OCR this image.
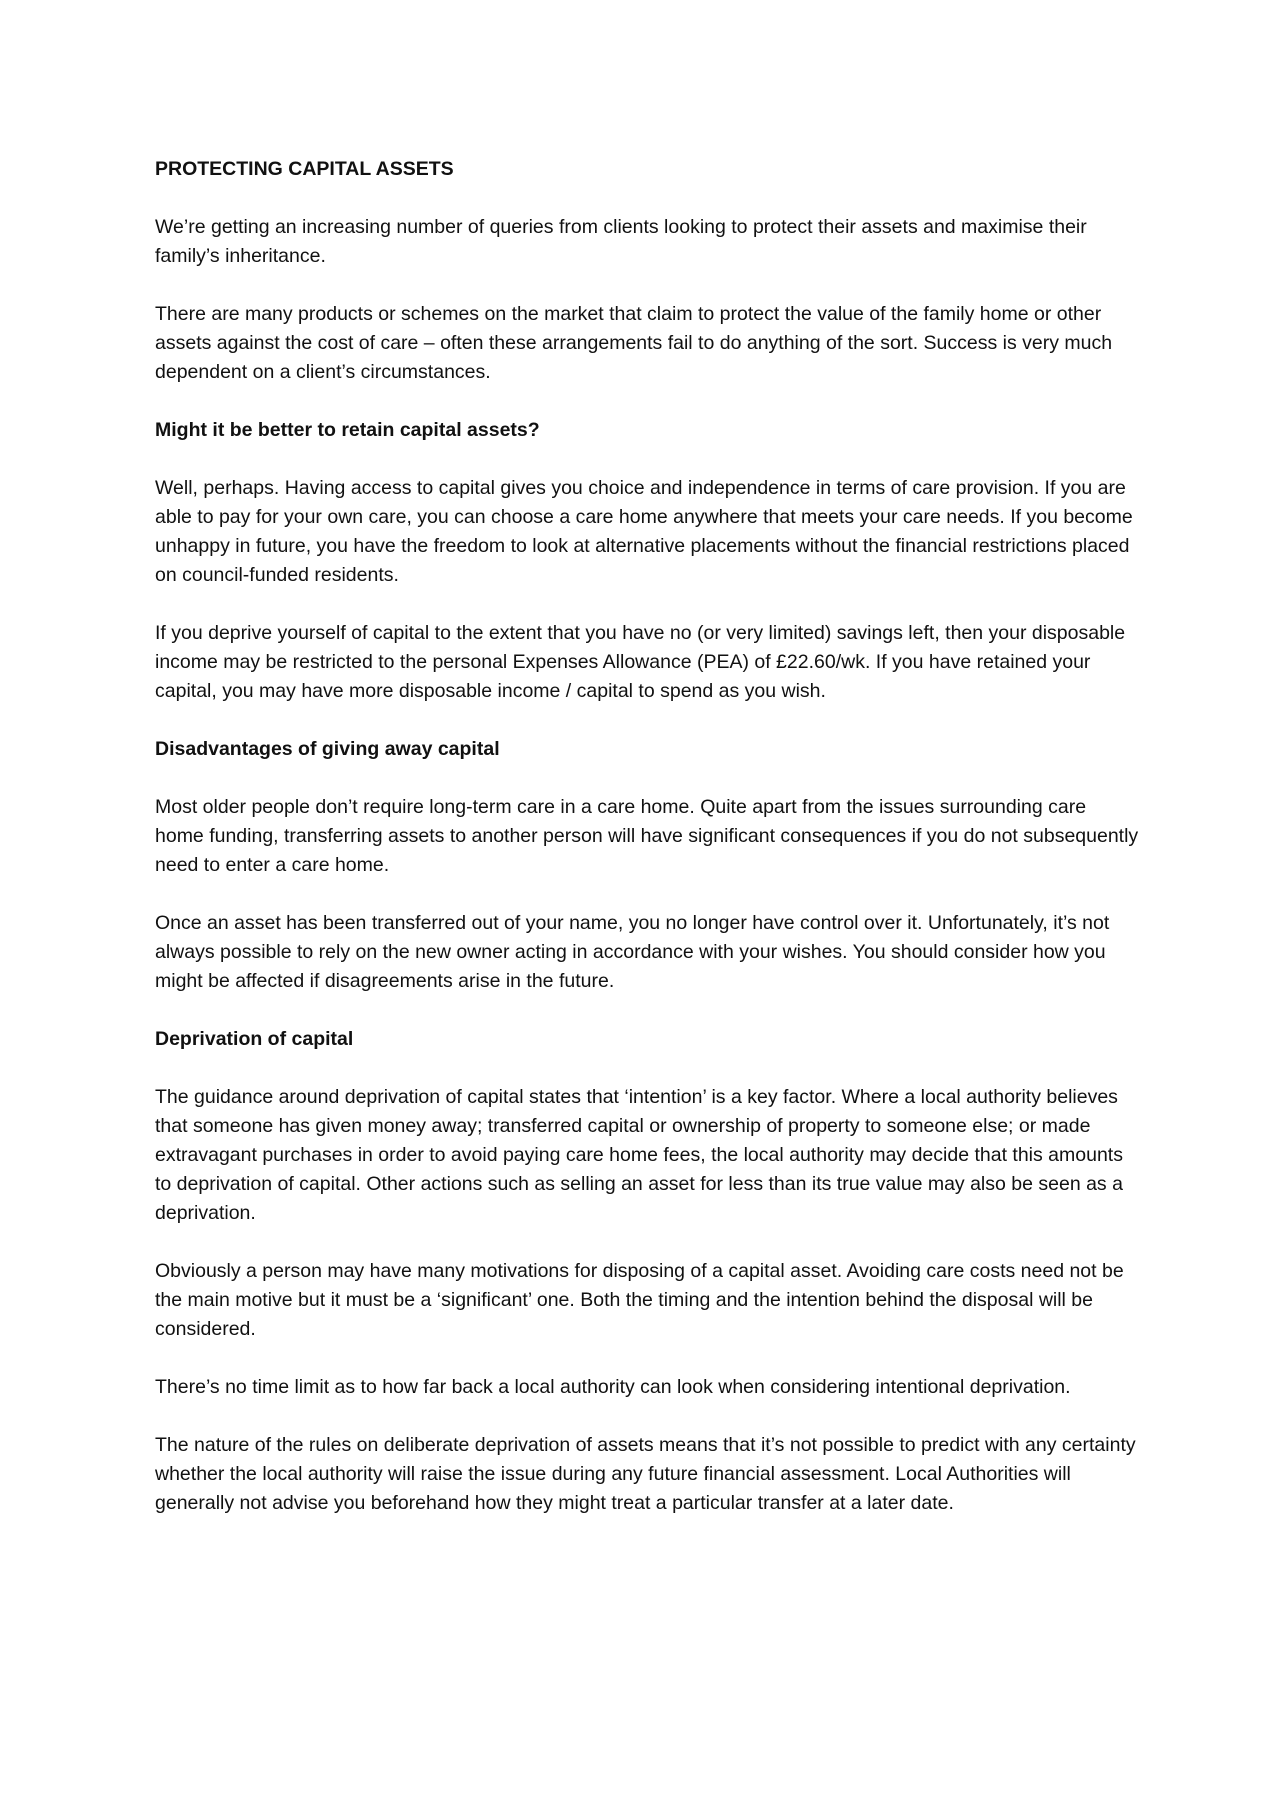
PROTECTING CAPITAL ASSETS

We’re getting an increasing number of queries from clients looking to protect their assets and maximise their family’s inheritance.

There are many products or schemes on the market that claim to protect the value of the family home or other assets against the cost of care – often these arrangements fail to do anything of the sort. Success is very much dependent on a client’s circumstances.

Might it be better to retain capital assets?

Well, perhaps. Having access to capital gives you choice and independence in terms of care provision. If you are able to pay for your own care, you can choose a care home anywhere that meets your care needs. If you become unhappy in future, you have the freedom to look at alternative placements without the financial restrictions placed on council-funded residents.

If you deprive yourself of capital to the extent that you have no (or very limited) savings left, then your disposable income may be restricted to the personal Expenses Allowance (PEA) of £22.60/wk. If you have retained your capital, you may have more disposable income / capital to spend as you wish.

Disadvantages of giving away capital

Most older people don’t require long-term care in a care home. Quite apart from the issues surrounding care home funding, transferring assets to another person will have significant consequences if you do not subsequently need to enter a care home.

Once an asset has been transferred out of your name, you no longer have control over it. Unfortunately, it’s not always possible to rely on the new owner acting in accordance with your wishes. You should consider how you might be affected if disagreements arise in the future.

Deprivation of capital

The guidance around deprivation of capital states that ‘intention’ is a key factor. Where a local authority believes that someone has given money away; transferred capital or ownership of property to someone else; or made extravagant purchases in order to avoid paying care home fees, the local authority may decide that this amounts to deprivation of capital. Other actions such as selling an asset for less than its true value may also be seen as a deprivation.

Obviously a person may have many motivations for disposing of a capital asset. Avoiding care costs need not be the main motive but it must be a ‘significant’ one. Both the timing and the intention behind the disposal will be considered.

There’s no time limit as to how far back a local authority can look when considering intentional deprivation.

The nature of the rules on deliberate deprivation of assets means that it’s not possible to predict with any certainty whether the local authority will raise the issue during any future financial assessment. Local Authorities will generally not advise you beforehand how they might treat a particular transfer at a later date.
